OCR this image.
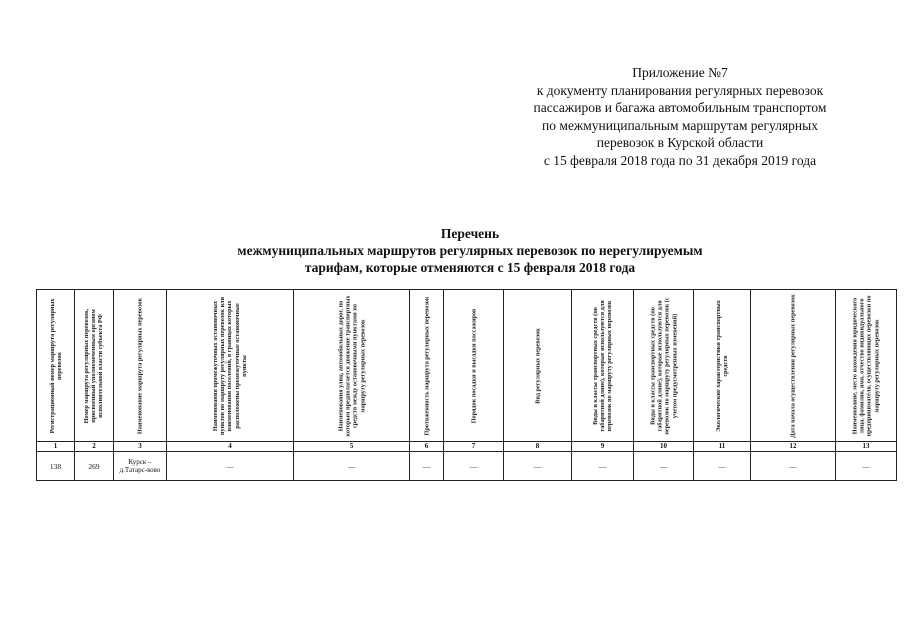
Приложение №7
к документу планирования регулярных перевозок
пассажиров и багажа автомобильным транспортом
по межмуниципальным маршрутам регулярных
перевозок в Курской области
с 15 февраля 2018 года по 31 декабря 2019 года
Перечень
межмуниципальных маршрутов регулярных перевозок по нерегулируемым
тарифам, которые отменяются с 15 февраля 2018 года
Регистрационный номер маршрута регулярных перевозок	Номер маршрута регулярных перевозок, присвоенный уполномоченным органом исполнительной власти субъекта РФ	Наименование маршрута регулярных перевозок	Наименования промежуточных остановочных пунктов по маршруту регулярных перевозок или наименования поселений, в границах которых расположены промежуточные остановочные пункты	Наименования улиц, автомобильных дорог, по которым предполагается движение транспортных средств между остановочными пунктами по маршруту регулярных перевозок	Протяженность маршрута регулярных перевозок	Порядок посадки и высадки пассажиров	Вид регулярных перевозок	Виды и классы транспортных средств (по габаритной длине), которые используются для перевозок по маршруту регулярных перевозок	Виды и классы транспортных средств (по габаритной длине), которые используются для перевозок по маршруту регулярных перевозок (с учетом предусмотренных изменений)	Экологические характеристики транспортных средств	Дата начала осуществления регулярных перевозок	Наименование, место нахождения юридического лица, фамилия, имя, отчество индивидуального предпринимателя, осуществляющих перевозки по маршруту регулярных перевозок

1	2	3	4	5	6	7	8	9	10	11	12	13
138	269	Курск – д.Татарс-ково	—	—	—	—	—	—	—	—	—	—
